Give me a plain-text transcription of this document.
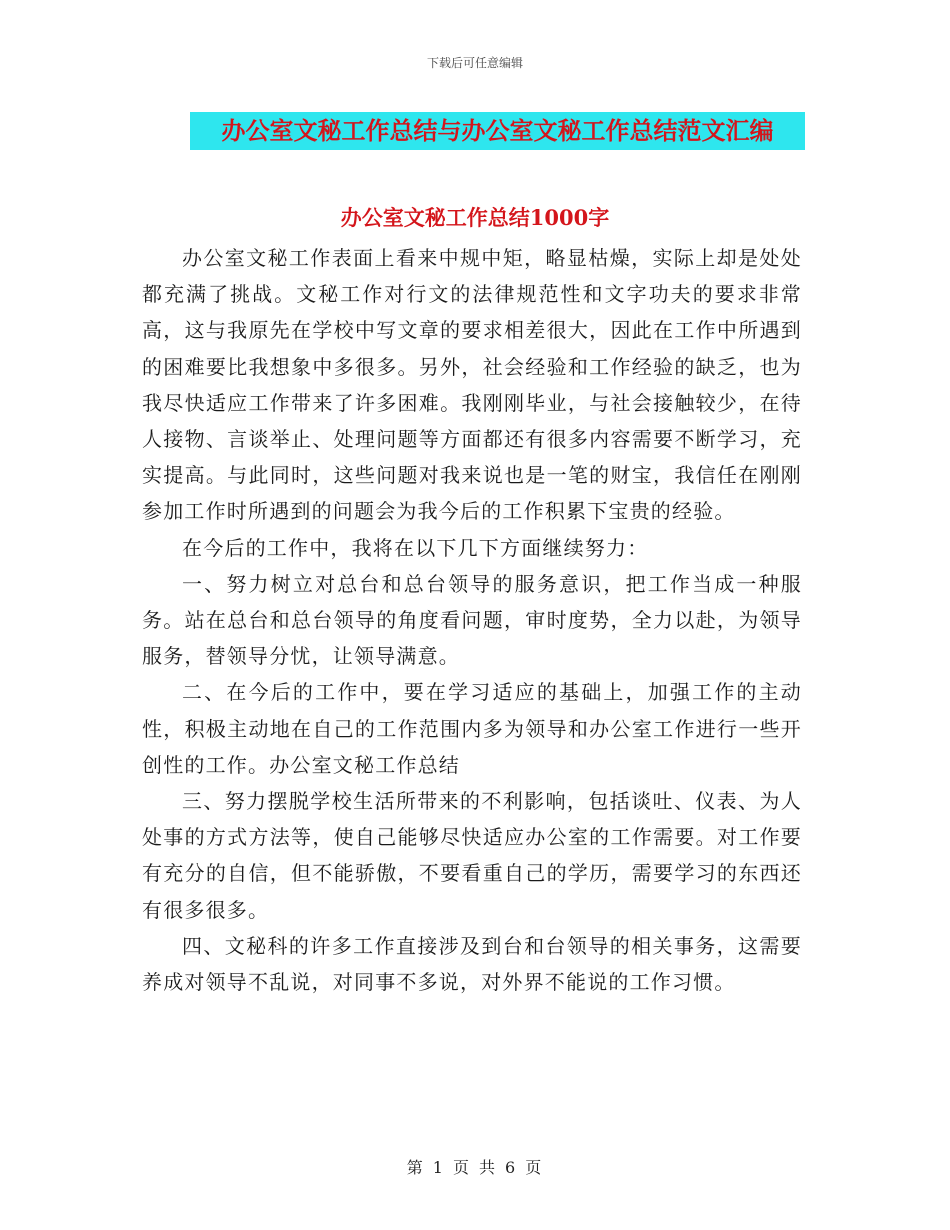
下载后可任意编辑
办公室文秘工作总结与办公室文秘工作总结范文汇编
办公室文秘工作总结1000字

办公室文秘工作表面上看来中规中矩，略显枯燥，实际上却是处处都充满了挑战。文秘工作对行文的法律规范性和文字功夫的要求非常高，这与我原先在学校中写文章的要求相差很大，因此在工作中所遇到的困难要比我想象中多很多。另外，社会经验和工作经验的缺乏，也为我尽快适应工作带来了许多困难。我刚刚毕业，与社会接触较少，在待人接物、言谈举止、处理问题等方面都还有很多内容需要不断学习，充实提高。与此同时，这些问题对我来说也是一笔的财宝，我信任在刚刚参加工作时所遇到的问题会为我今后的工作积累下宝贵的经验。

在今后的工作中，我将在以下几下方面继续努力：

一、努力树立对总台和总台领导的服务意识，把工作当成一种服务。站在总台和总台领导的角度看问题，审时度势，全力以赴，为领导服务，替领导分忧，让领导满意。

二、在今后的工作中，要在学习适应的基础上，加强工作的主动性，积极主动地在自己的工作范围内多为领导和办公室工作进行一些开创性的工作。办公室文秘工作总结

三、努力摆脱学校生活所带来的不利影响，包括谈吐、仪表、为人处事的方式方法等，使自己能够尽快适应办公室的工作需要。对工作要有充分的自信，但不能骄傲，不要看重自己的学历，需要学习的东西还有很多很多。

四、文秘科的许多工作直接涉及到台和台领导的相关事务，这需要养成对领导不乱说，对同事不多说，对外界不能说的工作习惯。

第 1 页 共 6 页
